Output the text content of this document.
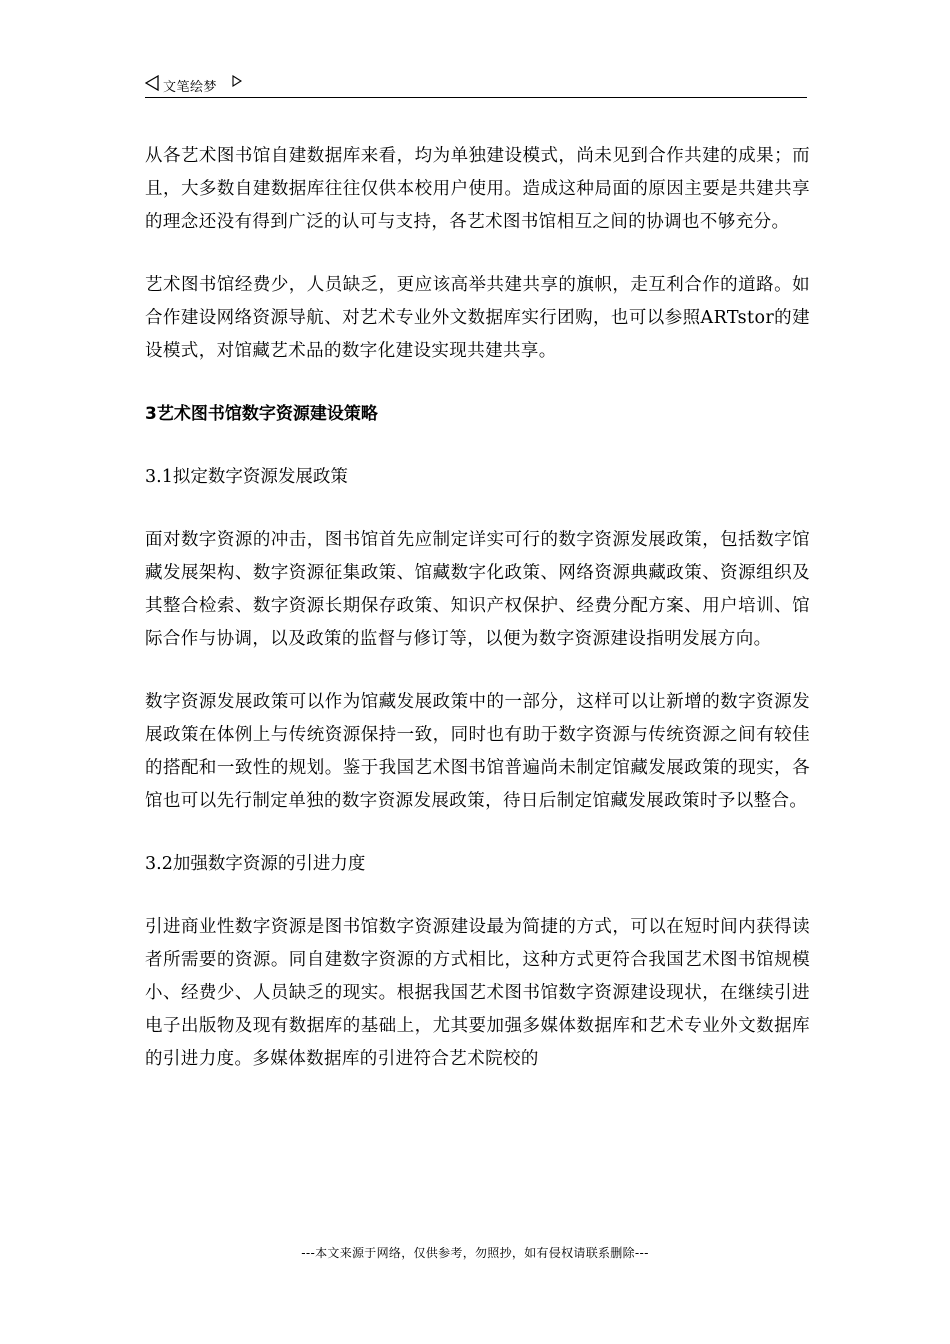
文笔绘梦

从各艺术图书馆自建数据库来看，均为单独建设模式，尚未见到合作共建的成果；而且，大多数自建数据库往往仅供本校用户使用。造成这种局面的原因主要是共建共享的理念还没有得到广泛的认可与支持，各艺术图书馆相互之间的协调也不够充分。

艺术图书馆经费少，人员缺乏，更应该高举共建共享的旗帜，走互利合作的道路。如合作建设网络资源导航、对艺术专业外文数据库实行团购，也可以参照ARTstor的建设模式，对馆藏艺术品的数字化建设实现共建共享。

3艺术图书馆数字资源建设策略

3.1拟定数字资源发展政策

面对数字资源的冲击，图书馆首先应制定详实可行的数字资源发展政策，包括数字馆藏发展架构、数字资源征集政策、馆藏数字化政策、网络资源典藏政策、资源组织及其整合检索、数字资源长期保存政策、知识产权保护、经费分配方案、用户培训、馆际合作与协调，以及政策的监督与修订等，以便为数字资源建设指明发展方向。

数字资源发展政策可以作为馆藏发展政策中的一部分，这样可以让新增的数字资源发展政策在体例上与传统资源保持一致，同时也有助于数字资源与传统资源之间有较佳的搭配和一致性的规划。鉴于我国艺术图书馆普遍尚未制定馆藏发展政策的现实，各馆也可以先行制定单独的数字资源发展政策，待日后制定馆藏发展政策时予以整合。

3.2加强数字资源的引进力度

引进商业性数字资源是图书馆数字资源建设最为简捷的方式，可以在短时间内获得读者所需要的资源。同自建数字资源的方式相比，这种方式更符合我国艺术图书馆规模小、经费少、人员缺乏的现实。根据我国艺术图书馆数字资源建设现状，在继续引进电子出版物及现有数据库的基础上，尤其要加强多媒体数据库和艺术专业外文数据库的引进力度。多媒体数据库的引进符合艺术院校的

---本文来源于网络，仅供参考，勿照抄，如有侵权请联系删除---
